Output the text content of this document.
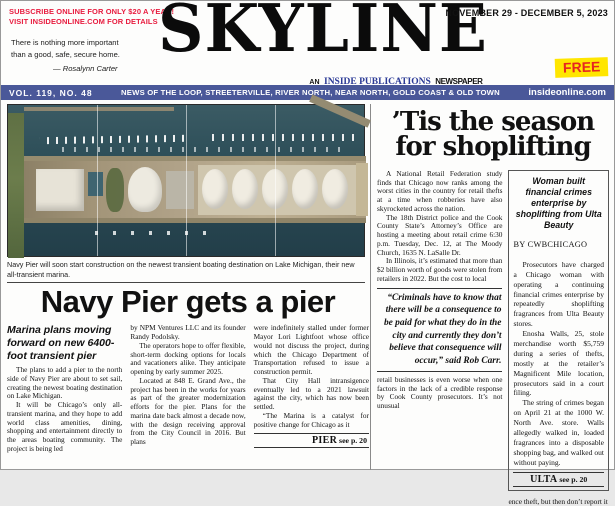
SUBSCRIBE ONLINE FOR ONLY $20 A YEAR!
VISIT INSIDEONLINE.COM FOR DETAILS
There is nothing more important
than a good, safe, secure home.
— Rosalynn Carter
SKYLINE
AN INSIDE PUBLICATIONS NEWSPAPER
NOVEMBER 29 - DECEMBER 5, 2023
FREE
VOL. 119, NO. 48	NEWS OF THE LOOP, STREETERVILLE, RIVER NORTH, NEAR NORTH, GOLD COAST & OLD TOWN	insideonline.com
Navy Pier will soon start construction on the newest transient boating destination on Lake Michigan, their new all-transient marina.
Navy Pier gets a pier
Marina plans moving forward on new 6400-foot transient pier

The plans to add a pier to the north side of Navy Pier are about to set sail, creating the newest boating destination on Lake Michigan.

It will be Chicago’s only all-transient marina, and they hope to add world class amenities, dining, shopping and entertainment directly to the areas boating community. The project is being led

by NPM Ventures LLC and its founder Randy Podolsky.

The operators hope to offer flexible, short-term docking options for locals and vacationers alike. They anticipate opening by early summer 2025.

Located at 848 E. Grand Ave., the project has been in the works for years as part of the greater modernization efforts for the pier. Plans for the marina date back almost a decade now, with the design receiving approval from the City Council in 2016. But plans

were indefinitely stalled under former Mayor Lori Lightfoot whose office would not discuss the project, during which the Chicago Department of Transportation refused to issue a construction permit.

That City Hall intransigence eventually led to a 2021 lawsuit against the city, which has now been settled.

“The Marina is a catalyst for positive change for Chicago as it

PIER see p. 20
’Tis the season
for shoplifting

A National Retail Federation study finds that Chicago now ranks among the worst cities in the country for retail thefts at a time when robberies have also skyrocketed across the nation.

The 18th District police and the Cook County State’s Attorney’s Office are hosting a meeting about retail crime 6:30 p.m. Tuesday, Dec. 12, at The Moody Church, 1635 N. LaSalle Dr.

In Illinois, it’s estimated that more than $2 billion worth of goods were stolen from retailers in 2022. But the cost to local

“Criminals have to know that there will be a consequence to be paid for what they do in the city and currently they don’t believe that consequence will occur,” said Rob Carr.

retail businesses is even worse when one factors in the lack of a credible response by Cook County prosecutors. It’s not unusual

Woman built financial crimes enterprise by shoplifting from Ulta Beauty
BY CWBCHICAGO

Prosecutors have charged a Chicago woman with operating a continuing financial crimes enterprise by repeatedly shoplifting fragrances from Ulta Beauty stores.

Enosha Walls, 25, stole merchandise worth $5,759 during a series of thefts, mostly at the retailer’s Magnificent Mile location, prosecutors said in a court filing.

The string of crimes began on April 21 at the 1000 W. North Ave. store. Walls allegedly walked in, loaded fragrances into a disposable shopping bag, and walked out without paying.

ULTA see p. 20
ence theft, but then don’t report it
